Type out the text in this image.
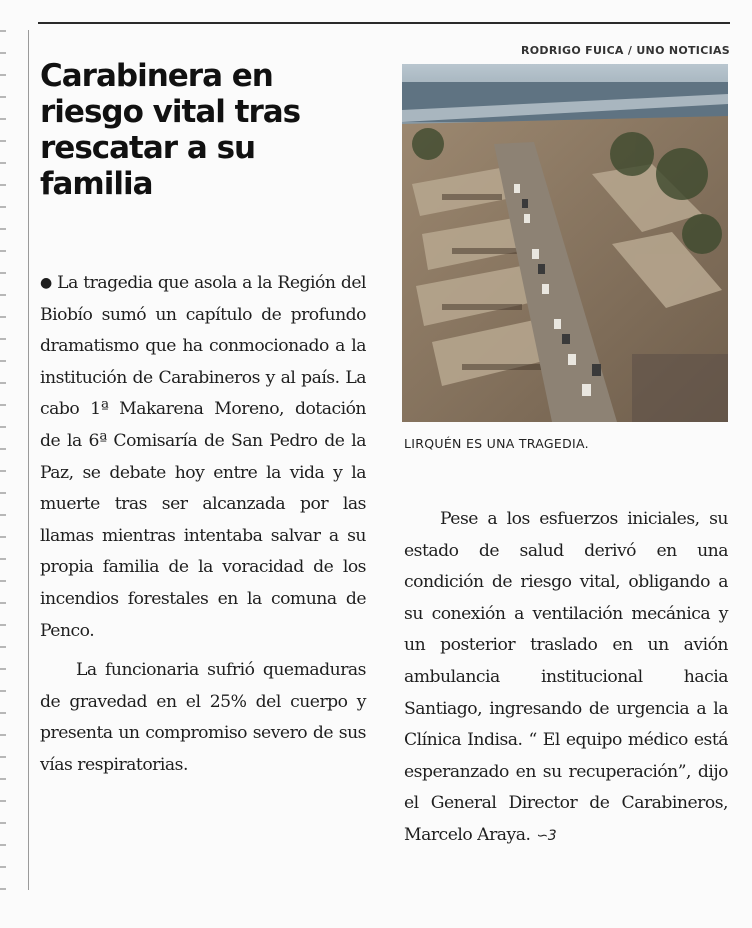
RODRIGO FUICA / UNO NOTICIAS
Carabinera en riesgo vital tras rescatar a su familia

● La tragedia que asola a la Región del Biobío sumó un capítulo de profundo dramatismo que ha conmocionado a la institución de Carabineros y al país. La cabo 1ª Makarena Moreno, dotación de la 6ª Comisaría de San Pedro de la Paz, se debate hoy entre la vida y la muerte tras ser alcanzada por las llamas mientras intentaba salvar a su propia familia de la voracidad de los incendios forestales en la comuna de Penco.

La funcionaria sufrió quemaduras de gravedad en el 25% del cuerpo y presenta un compromiso severo de sus vías respiratorias.

LIRQUÉN ES UNA TRAGEDIA.

Pese a los esfuerzos iniciales, su estado de salud derivó en una condición de riesgo vital, obligando a su conexión a ventilación mecánica y un posterior traslado en un avión ambulancia institucional hacia Santiago, ingresando de urgencia a la Clínica Indisa. “ El equipo médico está esperanzado en su recuperación”, dijo el General Director de Carabineros, Marcelo Araya. ∽3
